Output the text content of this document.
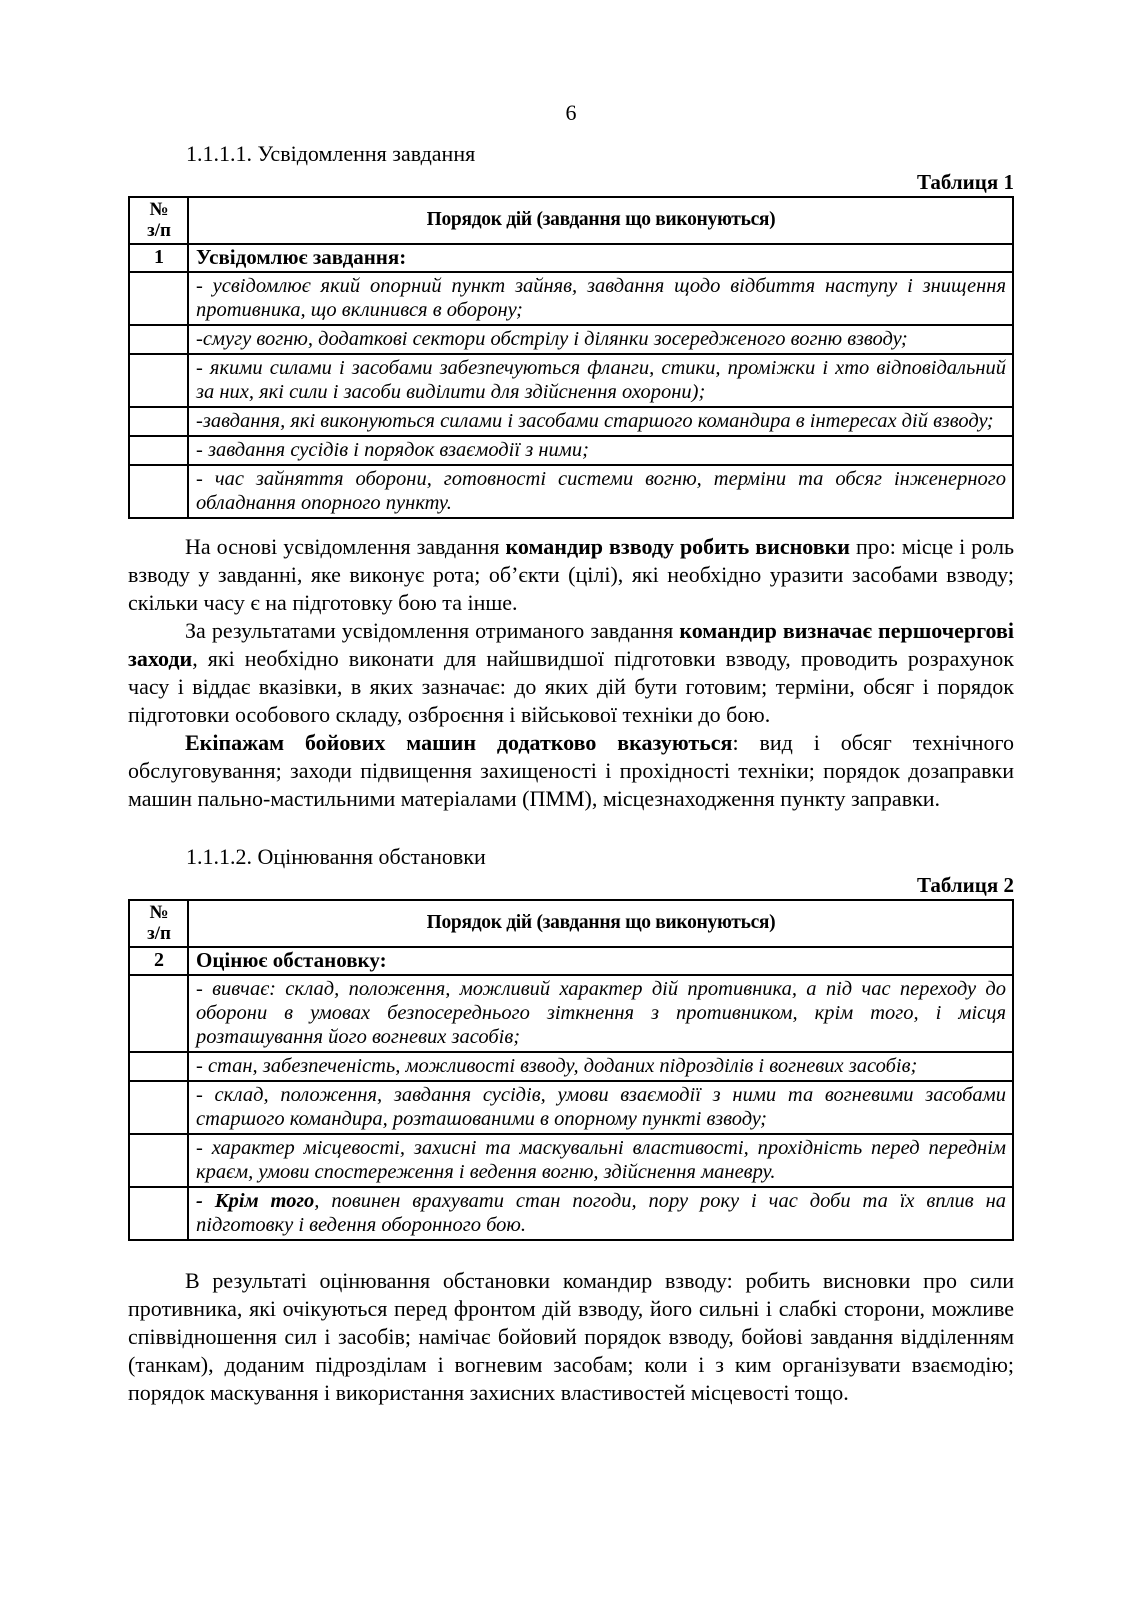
6

1.1.1.1. Усвідомлення завдання

Таблиця 1
№
з/п	Порядок дій (завдання що виконуються)
1	Усвідомлює завдання:
	- усвідомлює який опорний пункт зайняв, завдання щодо відбиття наступу і знищення противника, що вклинився в оборону;
	-смугу вогню, додаткові сектори обстрілу і ділянки зосередженого вогню взводу;
	- якими силами і засобами забезпечуються фланги, стики, проміжки і хто відповідальний за них, які сили і засоби виділити для здійснення охорони);
	-завдання, які виконуються силами і засобами старшого командира в інтересах дій взводу;
	- завдання сусідів і порядок взаємодії з ними;
	- час зайняття оборони, готовності системи вогню, терміни та обсяг інженерного обладнання опорного пункту.

На основі усвідомлення завдання командир взводу робить висновки про: місце і роль взводу у завданні, яке виконує рота; об’єкти (цілі), які необхідно уразити засобами взводу; скільки часу є на підготовку бою та інше.

За результатами усвідомлення отриманого завдання командир визначає першочергові заходи, які необхідно виконати для найшвидшої підготовки взводу, проводить розрахунок часу і віддає вказівки, в яких зазначає: до яких дій бути готовим; терміни, обсяг і порядок підготовки особового складу, озброєння і військової техніки до бою.

Екіпажам бойових машин додатково вказуються: вид і обсяг технічного обслуговування; заходи підвищення захищеності і прохідності техніки; порядок дозаправки машин пально-мастильними матеріалами (ПММ), місцезнаходження пункту заправки.

1.1.1.2. Оцінювання обстановки

Таблиця 2
№
з/п	Порядок дій (завдання що виконуються)
2	Оцінює обстановку:
	- вивчає: склад, положення, можливий характер дій противника, а під час переходу до оборони в умовах безпосереднього зіткнення з противником, крім того, і місця розташування його вогневих засобів;
	- стан, забезпеченість, можливості взводу, доданих підрозділів і вогневих засобів;
	- склад, положення, завдання сусідів, умови взаємодії з ними та вогневими засобами старшого командира, розташованими в опорному пункті взводу;
	- характер місцевості, захисні та маскувальні властивості, прохідність перед переднім краєм, умови спостереження і ведення вогню, здійснення маневру.
	- Крім того, повинен врахувати стан погоди, пору року і час доби та їх вплив на підготовку і ведення оборонного бою.

В результаті оцінювання обстановки командир взводу: робить висновки про сили противника, які очікуються перед фронтом дій взводу, його сильні і слабкі сторони, можливе співвідношення сил і засобів; намічає бойовий порядок взводу, бойові завдання відділенням (танкам), доданим підрозділам і вогневим засобам; коли і з ким організувати взаємодію; порядок маскування і використання захисних властивостей місцевості тощо.
